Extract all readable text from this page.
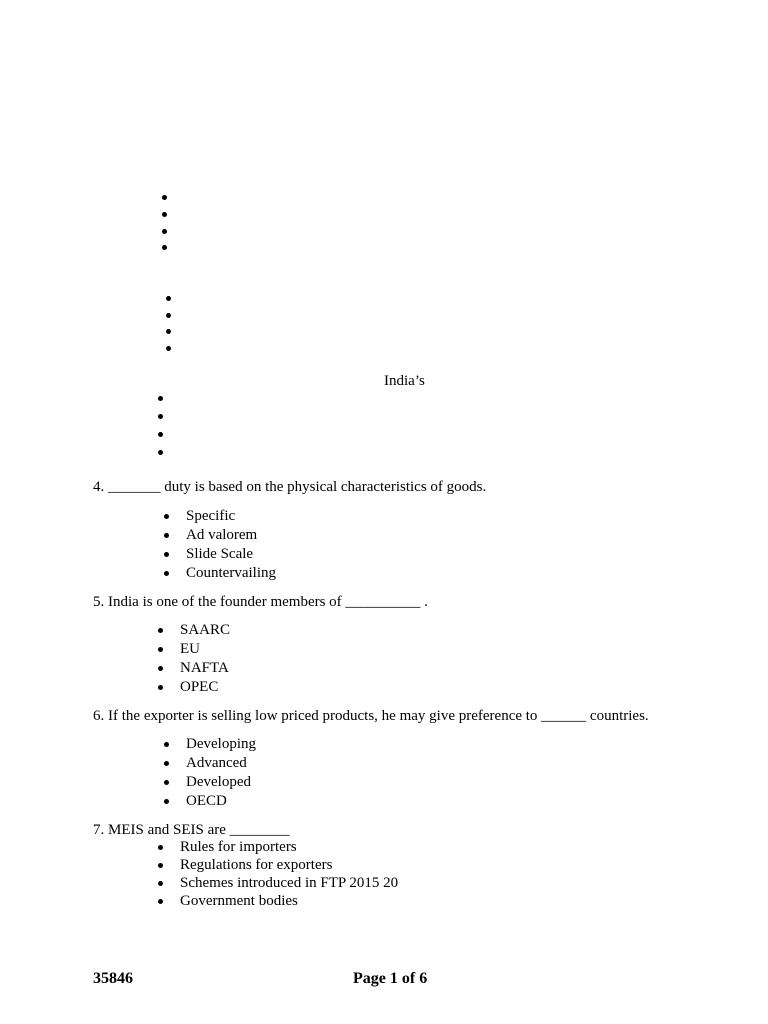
India’s
4. _______ duty is based on the physical characteristics of goods.
Specific
Ad valorem
Slide Scale
Countervailing
5. India is one of the founder members of __________ .
SAARC
EU
NAFTA
OPEC
6. If the exporter is selling low priced products, he may give preference to ______ countries.
Developing
Advanced
Developed
OECD
7. MEIS and SEIS are ________
Rules for importers
Regulations for exporters
Schemes introduced in FTP 2015 20
Government bodies
35846	Page 1 of 6
